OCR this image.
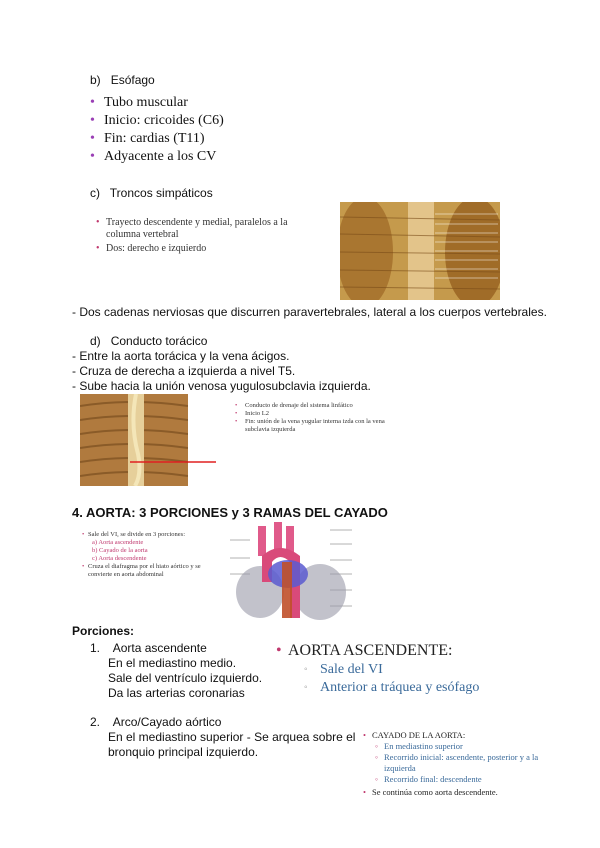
b) Esófago
• Tubo muscular
• Inicio: cricoides (C6)
• Fin: cardias (T11)
• Adyacente a los CV
c) Troncos simpáticos
• Trayecto descendente y medial, paralelos a la columna vertebral
• Dos: derecho e izquierdo
- Dos cadenas nerviosas que discurren paravertebrales, lateral a los cuerpos vertebrales.
d) Conducto torácico
- Entre la aorta torácica y la vena ácigos.
- Cruza de derecha a izquierda a nivel T5.
- Sube hacia la unión venosa yugulosubclavia izquierda.
• Conducto de drenaje del sistema linfático
• Inicio L2
• Fin: unión de la vena yugular interna izda con la vena subclavia izquierda
4. AORTA: 3 PORCIONES y 3 RAMAS DEL CAYADO
• Sale del VI, se divide en 3 porciones:
a) Aorta ascendente
b) Cayado de la aorta
c) Aorta descendente
• Cruza el diafragma por el hiato aórtico y se convierte en aorta abdominal
Porciones:
1. Aorta ascendente
En el mediastino medio.
Sale del ventrículo izquierdo.
Da las arterias coronarias
• AORTA ASCENDENTE:
◦ Sale del VI
◦ Anterior a tráquea y esófago
2. Arco/Cayado aórtico
En el mediastino superior - Se arquea sobre el
bronquio principal izquierdo.
• CAYADO DE LA AORTA:
◦ En mediastino superior
◦ Recorrido inicial: ascendente, posterior y a la izquierda
◦ Recorrido final: descendente
• Se continúa como aorta descendente.
